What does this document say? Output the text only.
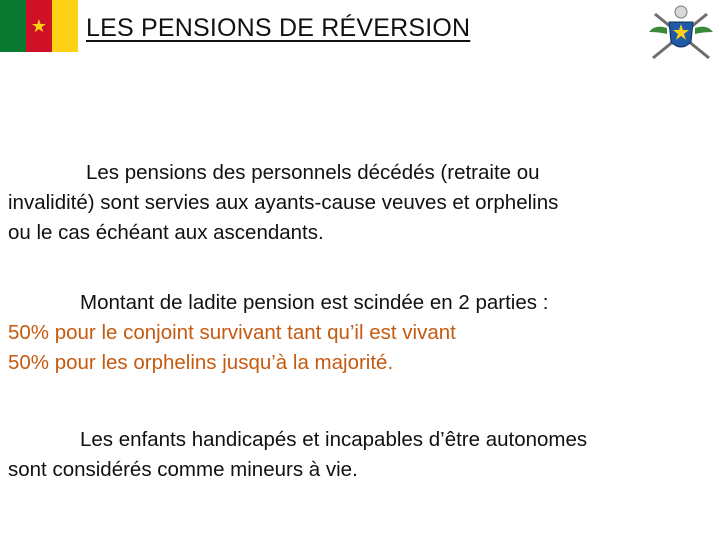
★ LES PENSIONS DE RÉVERSION
Les pensions des personnels décédés (retraite ou
invalidité) sont servies aux ayants-cause veuves et orphelins
ou le cas échéant aux ascendants.
Montant de ladite pension est scindée en 2 parties :
50% pour le conjoint survivant tant qu’il est vivant
50% pour les orphelins jusqu’à la majorité.
Les enfants handicapés et incapables d’être autonomes
sont considérés comme mineurs à vie.
